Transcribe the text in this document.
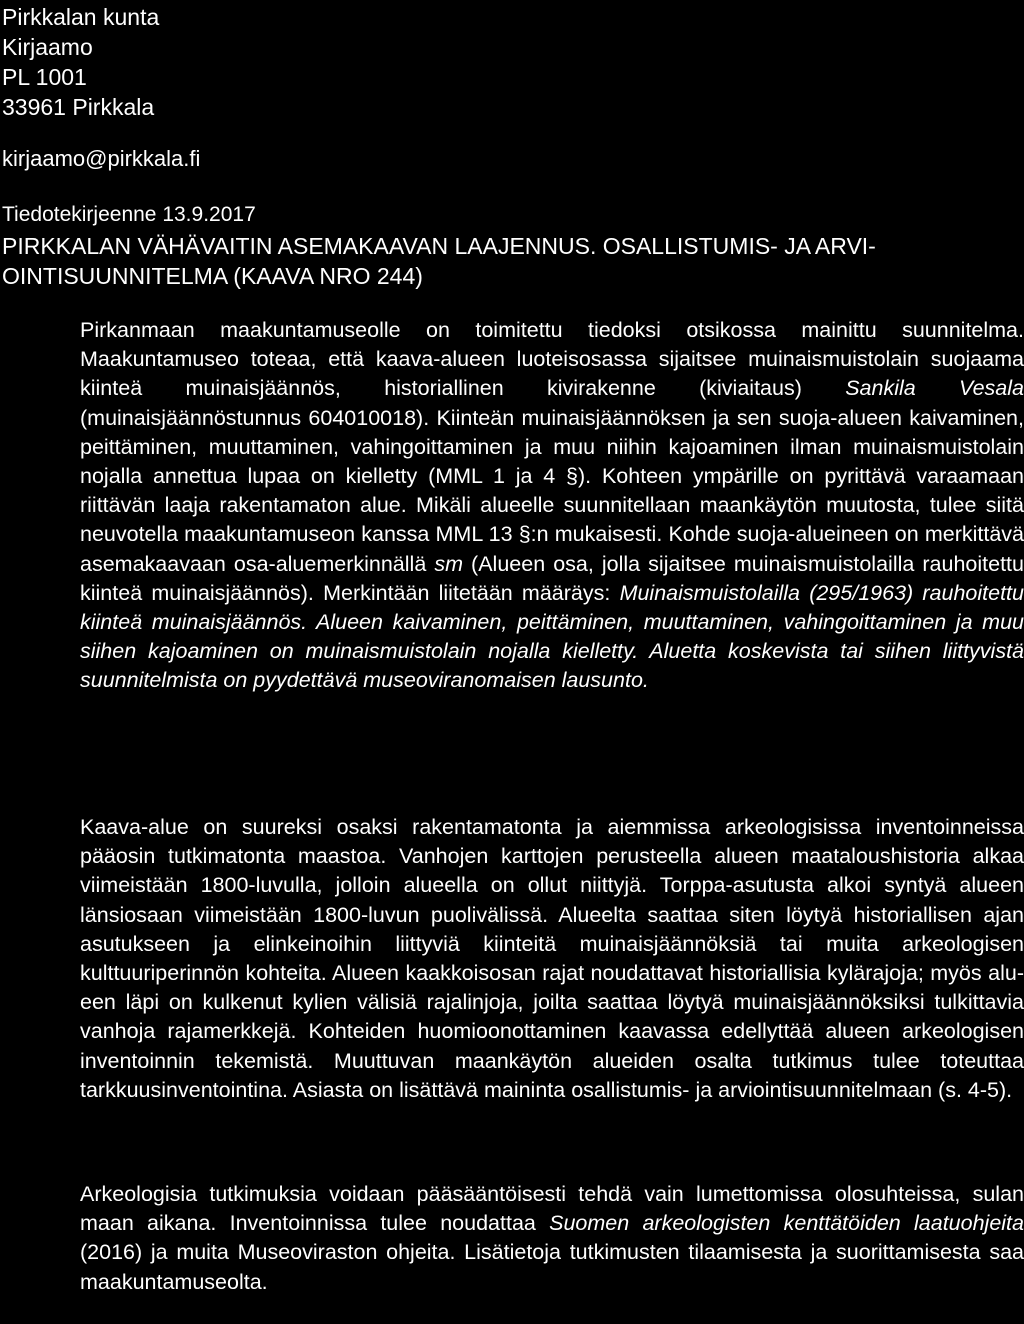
Pirkkalan kunta
Kirjaamo
PL 1001
33961 Pirkkala
kirjaamo@pirkkala.fi
Tiedotekirjeenne 13.9.2017
PIRKKALAN VÄHÄVAITIN ASEMAKAAVAN LAAJENNUS. OSALLISTUMIS- JA ARVI-
OINTISUUNNITELMA (KAAVA NRO 244)
Pirkanmaan maakuntamuseolle on toimitettu tiedoksi otsikossa mainittu suunnitelma. Maakuntamuseo toteaa, että kaava-alueen luoteisosassa sijaitsee muinaismuistolain suojaama kiinteä muinaisjäännös, historiallinen kivirakenne (kiviaitaus) Sankila Vesala (muinaisjäännöstunnus 604010018). Kiinteän muinaisjäännöksen ja sen suoja-alueen kaivaminen, peittäminen, muuttaminen, vahingoittaminen ja muu niihin kajoaminen ilman muinaismuistolain nojalla annettua lupaa on kielletty (MML 1 ja 4 §). Kohteen ympärille on pyrittävä varaamaan riittävän laaja rakentamaton alue. Mikäli alueelle suunnitellaan maankäytön muutosta, tulee siitä neuvotella maakuntamuseon kanssa MML 13 §:n mukaisesti. Kohde suoja-alueineen on merkittävä asemakaavaan osa-aluemerkinnällä sm (Alueen osa, jolla sijaitsee muinaismuistolailla rauhoitettu kiinteä muinaisjäännös). Merkintään liitetään määräys: Muinaismuistolailla (295/1963) rauhoitettu kiinteä muinaisjäännös. Alueen kaivaminen, peittäminen, muuttaminen, vahingoittaminen ja muu siihen kajoaminen on muinaismuistolain nojalla kielletty. Aluetta koskevista tai siihen liittyvistä suunnitelmista on pyydettävä museoviranomaisen lausunto.
Kaava-alue on suureksi osaksi rakentamatonta ja aiemmissa arkeologisissa inventoinneissa pääosin tutkimatonta maastoa. Vanhojen karttojen perusteella alueen maataloushistoria alkaa viimeistään 1800-luvulla, jolloin alueella on ollut niittyjä. Torppa-asutusta alkoi syntyä alueen länsiosaan viimeistään 1800-luvun puolivälissä. Alueelta saattaa siten löytyä historiallisen ajan asutukseen ja elinkeinoihin liittyviä kiinteitä muinaisjäännöksiä tai muita arkeologisen kulttuuriperinnön kohteita. Alueen kaakkoisosan rajat noudattavat historiallisia kylärajoja; myös alueen läpi on kulkenut kylien välisiä rajalinjoja, joilta saattaa löytyä muinaisjäännöksiksi tulkittavia vanhoja rajamerkkejä. Kohteiden huomioonottaminen kaavassa edellyttää alueen arkeologisen inventoinnin tekemistä. Muuttuvan maankäytön alueiden osalta tutkimus tulee toteuttaa tarkkuusinventointina. Asiasta on lisättävä maininta osallistumis- ja arviointisuunnitelmaan (s. 4-5).
Arkeologisia tutkimuksia voidaan pääsääntöisesti tehdä vain lumettomissa olosuhteissa, sulan maan aikana. Inventoinnissa tulee noudattaa Suomen arkeologisten kenttätöiden laatuohjeita (2016) ja muita Museoviraston ohjeita. Lisätietoja tutkimusten tilaamisesta ja suorittamisesta saa maakuntamuseolta.
